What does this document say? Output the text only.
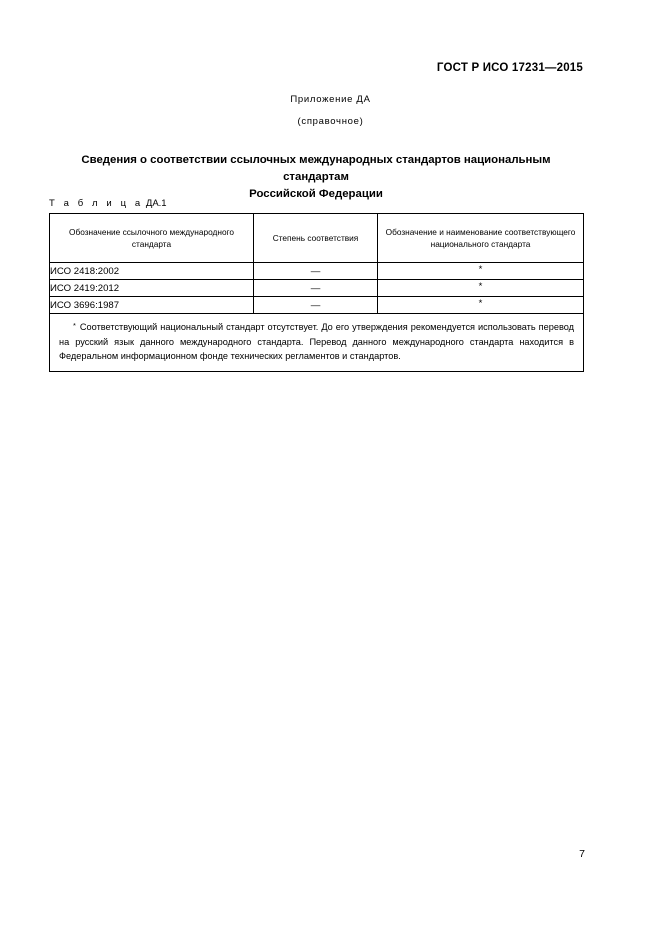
ГОСТ Р ИСО 17231—2015

Приложение ДА

(справочное)

Сведения о соответствии ссылочных международных стандартов национальным стандартам
Российской Федерации
Т а б л и ц а ДА.1
Обозначение ссылочного международного стандарта	Степень соответствия	Обозначение и наименование соответствующего национального стандарта
ИСО 2418:2002	—	*
ИСО 2419:2012	—	*
ИСО 3696:1987	—	*
* Соответствующий национальный стандарт отсутствует. До его утверждения рекомендуется использовать перевод на русский язык данного международного стандарта. Перевод данного международного стандарта находится в Федеральном информационном фонде технических регламентов и стандартов.		
7
